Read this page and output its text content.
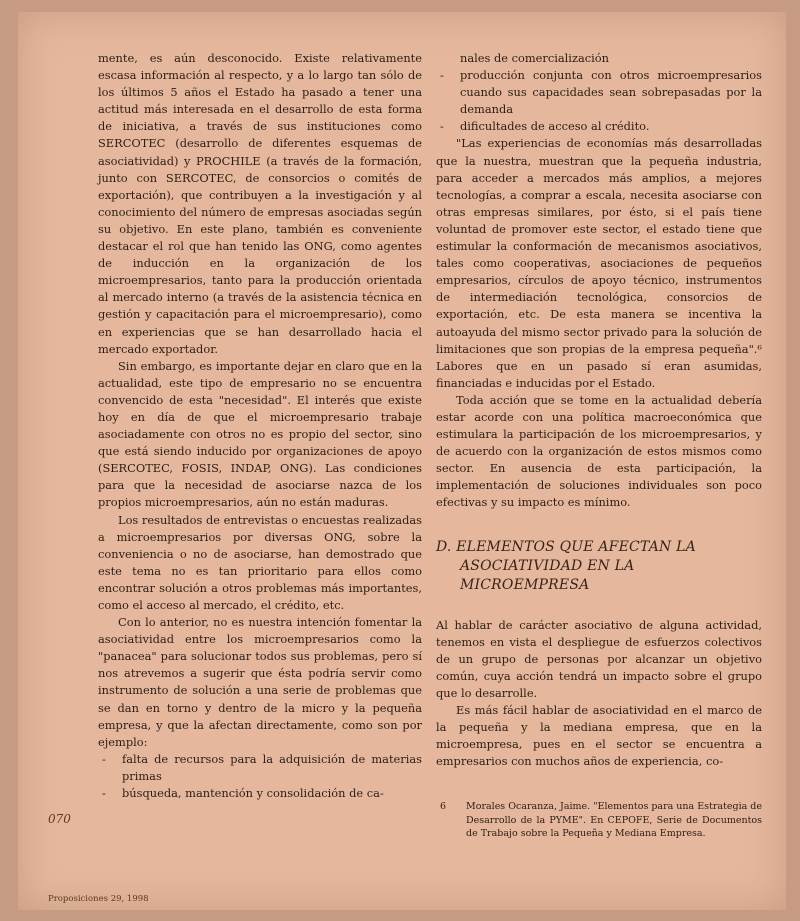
mente, es aún desconocido. Existe relativamente escasa información al respecto, y a lo largo tan sólo de los últimos 5 años el Estado ha pasado a tener una actitud más interesada en el desarrollo de esta forma de iniciativa, a través de sus instituciones como SERCOTEC (desarrollo de diferentes esquemas de asociatividad) y PROCHILE (a través de la formación, junto con SERCOTEC, de consorcios o comités de exportación), que contribuyen a la investigación y al conocimiento del número de empresas asociadas según su objetivo. En este plano, también es conveniente destacar el rol que han tenido las ONG, como agentes de inducción en la organización de los microempresarios, tanto para la producción orientada al mercado interno (a través de la asistencia técnica en gestión y capacitación para el microempresario), como en experiencias que se han desarrollado hacia el mercado exportador.

Sin embargo, es importante dejar en claro que en la actualidad, este tipo de empresario no se encuentra convencido de esta "necesidad". El interés que existe hoy en día de que el microempresario trabaje asociadamente con otros no es propio del sector, sino que está siendo inducido por organizaciones de apoyo (SERCOTEC, FOSIS, INDAP, ONG). Las condiciones para que la necesidad de asociarse nazca de los propios microempresarios, aún no están maduras.

Los resultados de entrevistas o encuestas realizadas a microempresarios por diversas ONG, sobre la conveniencia o no de asociarse, han demostrado que este tema no es tan prioritario para ellos como encontrar solución a otros problemas más importantes, como el acceso al mercado, el crédito, etc.

Con lo anterior, no es nuestra intención fomentar la asociatividad entre los microempresarios como la "panacea" para solucionar todos sus problemas, pero sí nos atrevemos a sugerir que ésta podría servir como instrumento de solución a una serie de problemas que se dan en torno y dentro de la micro y la pequeña empresa, y que la afectan directamente, como son por ejemplo:

- falta de recursos para la adquisición de materias primas
- búsqueda, mantención y consolidación de ca-

nales de comercialización

- producción conjunta con otros microempresarios cuando sus capacidades sean sobrepasadas por la demanda
- dificultades de acceso al crédito.

"Las experiencias de economías más desarrolladas que la nuestra, muestran que la pequeña industria, para acceder a mercados más amplios, a mejores tecnologías, a comprar a escala, necesita asociarse con otras empresas similares, por ésto, si el país tiene voluntad de promover este sector, el estado tiene que estimular la conformación de mecanismos asociativos, tales como cooperativas, asociaciones de pequeños empresarios, círculos de apoyo técnico, instrumentos de intermediación tecnológica, consorcios de exportación, etc. De esta manera se incentiva la autoayuda del mismo sector privado para la solución de limitaciones que son propias de la empresa pequeña".⁶ Labores que en un pasado sí eran asumidas, financiadas e inducidas por el Estado.

Toda acción que se tome en la actualidad debería estar acorde con una política macroeconómica que estimulara la participación de los microempresarios, y de acuerdo con la organización de estos mismos como sector. En ausencia de esta participación, la implementación de soluciones individuales son poco efectivas y su impacto es mínimo.

D. ELEMENTOS QUE AFECTAN LA
ASOCIATIVIDAD EN LA
MICROEMPRESA

Al hablar de carácter asociativo de alguna actividad, tenemos en vista el despliegue de esfuerzos colectivos de un grupo de personas por alcanzar un objetivo común, cuya acción tendrá un impacto sobre el grupo que lo desarrolle.

Es más fácil hablar de asociatividad en el marco de la pequeña y la mediana empresa, que en la microempresa, pues en el sector se encuentra a empresarios con muchos años de experiencia, co-

6	Morales Ocaranza, Jaime. "Elementos para una Estrategia de Desarrollo de la PYME". En CEPOFE, Serie de Documentos de Trabajo sobre la Pequeña y Mediana Empresa.
070
Proposiciones 29, 1998
